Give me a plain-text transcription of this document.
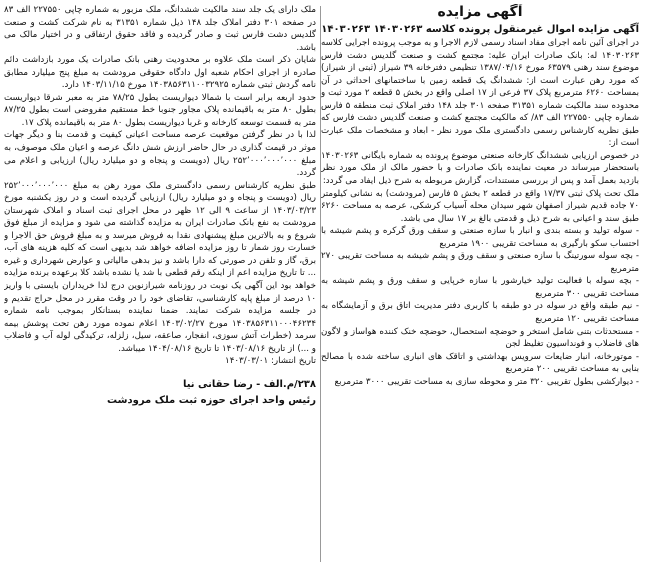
آگهی مزایده
آگهی مزایده اموال غیرمنقول پرونده کلاسه ۱۴۰۳۰۲۶۳ ۱۴۰۳۰۲۶۳

در اجرای آئین نامه اجرای مفاد اسناد رسمی لازم الاجرا و به موجب پرونده اجرایی کلاسه ۱۴۰۳۰۲۶۳ له: بانک صادرات ایران علیه: مجتمع کشت و صنعت گلدیس دشت فارس موضوع سند رهنی ۶۳۵۷۹ مورخ ۱۳۸۷/۰۴/۱۶ تنظیمی دفترخانه ۳۹ شیراز (ثبتی از شیراز) که مورد رهن عبارت است از: ششدانگ یک قطعه زمین با ساختمانهای احداثی در آن بمساحت ۶۲۶۰ مترمربع پلاک ۳۷ فرعی از ۱۷ اصلی واقع در بخش ۵ قطعه ۲ مورد ثبت و محدوده سند مالکیت شماره ۳۱۳۵۱ صفحه ۳۰۱ جلد ۱۴۸ دفتر املاک ثبت منطقه ۵ فارس شماره چاپی ۲۲۷۵۵۰ الف ۸۳/ که مالکیت مجتمع کشت و صنعت گلدیس دشت فارس که طبق نظریه کارشناس رسمی دادگستری ملک مورد نظر - ابعاد و مشخصات ملک عبارت است از:

در خصوص ارزیابی ششدانگ کارخانه صنعتی موضوع پرونده به شماره بایگانی ۱۴۰۳۰۲۶۳ باستحضار میرساند در معیت نماینده بانک صادرات و با حضور مالک از ملک مورد نظر بازدید بعمل آمد و پس از بررسی مستندات، گزارش مربوطه به شرح ذیل ایفاد می گردد:

ملک تحت پلاک ثبتی ۱۷/۳۷ واقع در قطعه ۲ بخش ۵ فارس (مرودشت) به نشانی کیلومتر ۷۰ جاده قدیم شیراز اصفهان شهر سیدان محله آسیاب کرشکی، عرصه به مساحت ۶۲۶۰ طبق سند و اعیانی به شرح ذیل و قدمتی بالغ بر ۱۷ سال می باشد.

- سوله تولید و بسته بندی و انبار با سازه صنعتی و سقف ورق گرکره و پشم شیشه با احتساب سکو بارگیری به مساحت تقریبی ۱۹۰۰ مترمربع

- بچه سوله سورتینگ با سازه صنعتی و سقف ورق و پشم شیشه به مساحت تقریبی ۲۷۰ مترمربع

- بچه سوله با فعالیت تولید خیارشور با سازه خرپایی و سقف ورق و پشم شیشه به مساحت تقریبی ۳۰۰ مترمربع

- نیم طبقه واقع در سوله در دو طبقه با کاربری دفتر مدیریت اتاق برق و آزمایشگاه به مساحت تقریبی ۱۲۰ مترمربع

- مستحدثات بتنی شامل استخر و حوضچه استحصال، حوضچه خنک کننده هواساز و لاگون های فاضلاب و فونداسیون تغلیظ لجن

- موتورخانه، انبار ضایعات سرویس بهداشتی و اتاقک های انباری ساخته شده با مصالح بنایی به مساحت تقریبی ۲۰۰ مترمربع

- دیوارکشی بطول تقریبی ۳۲۰ متر و محوطه سازی به مساحت تقریبی ۳۰۰۰ مترمربع

ملک دارای یک جلد سند مالکیت ششدانگ، ملک مزبور به شماره چاپی ۲۲۷۵۵۰ الف ۸۳ در صفحه ۳۰۱ دفتر املاک جلد ۱۴۸ ذیل شماره ۳۱۳۵۱ به نام شرکت کشت و صنعت گلدیس دشت فارس ثبت و صادر گردیده و فاقد حقوق ارتفاقی و در اختیار مالک می باشد.

شایان ذکر است ملک علاوه بر محدودیت رهنی بانک صادرات یک مورد بازداشت دائم صادره از اجرای احکام شعبه اول دادگاه حقوقی مرودشت به مبلغ پنج میلیارد مطابق نامه گردش ثبتی شماره ۱۴۰۳۸۵۶۳۱۱۰۰۳۲۹۲۵ مورخ ۱۴۰۳/۱۱/۱۵ دارد.

حدود اربعه برابر است با شمالا دیواریست بطول ۷۸/۲۵ متر به معبر شرقا دیواریست بطول ۸۰ متر به باقیمانده پلاک مجاور جنوبا خط مستقیم مفروضی است بطول ۸۷/۲۵ متر به قسمت توسعه کارخانه و غربا دیواریست بطول ۸۰ متر به باقیمانده پلاک ۱۷.

لذا با در نظر گرفتن موقعیت عرصه مساحت اعیانی کیفیت و قدمت بنا و دیگر جهات موثر در قیمت گذاری در حال حاضر ارزش شش دانگ عرصه و اعیان ملک موصوف، به مبلغ ۲۵۲٬۰۰۰٬۰۰۰٬۰۰۰ ریال (دویست و پنجاه و دو میلیارد ریال) ارزیابی و اعلام می گردد.

طبق نظریه کارشناس رسمی دادگستری ملک مورد رهن به مبلغ ۲۵۲٬۰۰۰٬۰۰۰٬۰۰۰ ریال (دویست و پنجاه و دو میلیارد ریال) ارزیابی گردیده است و در روز یکشنبه مورخ ۱۴۰۳/۰۳/۲۳ از ساعت ۹ الی ۱۲ ظهر در محل اجرای ثبت اسناد و املاک شهرستان مرودشت به نفع بانک صادرات ایران به مزایده گذاشته می شود و مزایده از مبلغ فوق شروع و به بالاترین مبلغ پیشنهادی نقدا به فروش میرسد و به مبلغ فروش حق الاجرا و خسارت روز شمار تا روز مزایده اضافه خواهد شد بدیهی است که کلیه هزینه های آب، برق، گاز و تلفن در صورتی که دارا باشد و نیز بدهی مالیاتی و عوارض شهرداری و غیره ... تا تاریخ مزایده اعم از اینکه رقم قطعی با شد یا نشده باشد کلا برعهده برنده مزایده خواهد بود این آگهی یک نوبت در روزنامه شیرازنوین درج لذا خریداران بایستی با واریز ۱۰ درصد از مبلغ پایه کارشناسی، تقاضای خود را در وقت مقرر در محل حراج تقدیم و در جلسه مزایده شرکت نمایند. ضمنا نماینده بستانکار بموجب نامه شماره ۱۴۰۳۸۵۶۳۱۱۰۰۰۴۶۲۳۴ مورخ ۱۴۰۳/۰۲/۲۷ اعلام نموده مورد رهن تحت پوشش بیمه سرمد (خطرات آتش سوزی، انفجار، صاعقه، سیل، زلزله، ترکیدگی لوله آب و فاضلاب و ...) از تاریخ ۱۴۰۳/۰۸/۱۶ تا تاریخ ۱۴۰۴/۰۸/۱۶ میباشد.

تاریخ انتشار: ۱۴۰۳/۰۳/۰۱

۲۳۸/م.الف - رضا حقانی نیا
رئیس واحد اجرای حوزه ثبت ملک مرودشت
